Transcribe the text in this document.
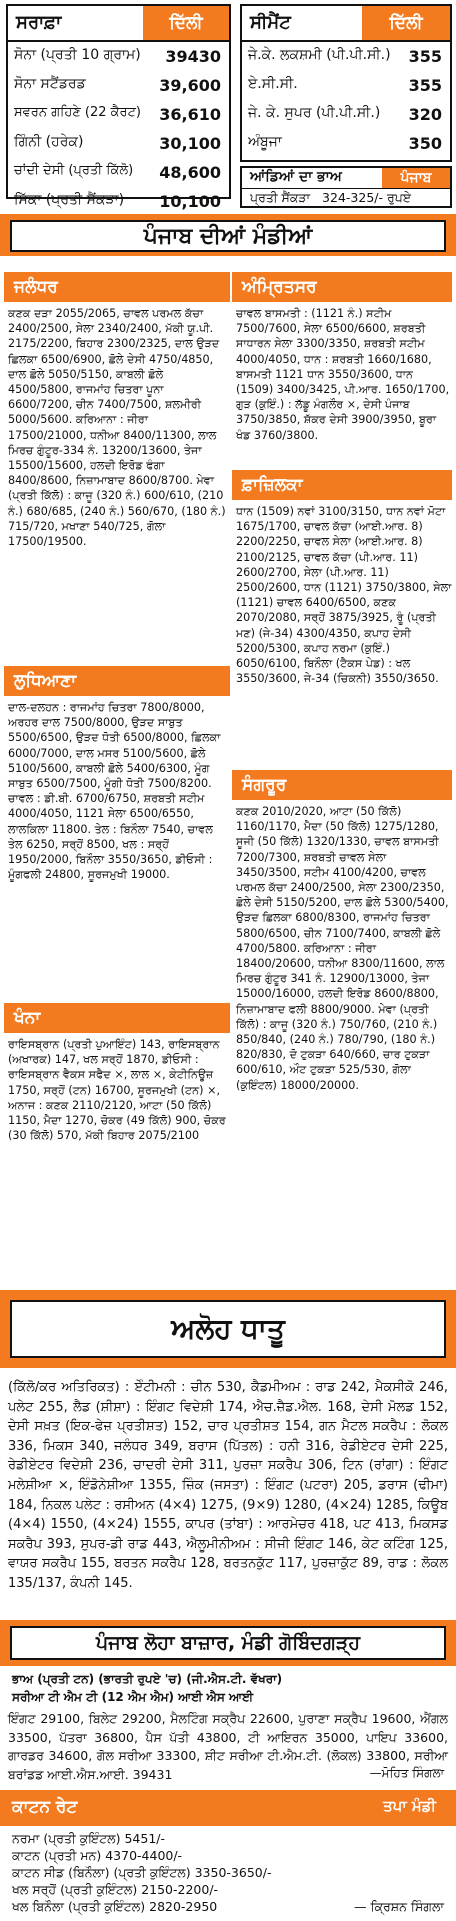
ਸਰਾਫ਼ਾ	ਦਿੱਲੀ
ਸੋਨਾ (ਪ੍ਰਤੀ 10 ਗ੍ਰਾਮ) 39430
ਸੋਨਾ ਸਟੈਂਡਰਡ	39,600
ਸਵਰਨ ਗਹਿਣੇ (22 ਕੈਰਟ) 36,610
ਗਿੰਨੀ (ਹਰੇਕ)	30,100
ਚਾਂਦੀ ਦੇਸੀ (ਪ੍ਰਤੀ ਕਿੱਲੋ) 48,600
ਸਿੱਕਾ (ਪ੍ਰਤੀ ਸੈਂਕੜਾ) 10,100
ਸੀਮੈਂਟ	ਦਿੱਲੀ
ਜੇ.ਕੇ. ਲਕਸ਼ਮੀ (ਪੀ.ਪੀ.ਸੀ.) 355
ਏ.ਸੀ.ਸੀ.	355
ਜੇ. ਕੇ. ਸੁਪਰ (ਪੀ.ਪੀ.ਸੀ.) 320
ਅੰਬੂਜਾ	350
ਆਂਡਿਆਂ ਦਾ ਭਾਅ	ਪੰਜਾਬ
ਪ੍ਰਤੀ ਸੈਂਕੜਾ   324-325/- ਰੁਪਏ
ਪੰਜਾਬ ਦੀਆਂ ਮੰਡੀਆਂ
ਜਲੰਧਰ
ਕਣਕ ਦੜਾ 2055/2065, ਚਾਵਲ ਪਰਮਲ ਕੱਚਾ 2400/2500, ਸੇਲਾ 2340/2400, ਮੱਕੀ ਯੂ.ਪੀ. 2175/2200, ਬਿਹਾਰ 2300/2325, ਦਾਲ ਉੜਦ ਛਿਲਕਾ 6500/6900, ਛੋਲੇ ਦੇਸੀ 4750/4850, ਦਾਲ ਛੋਲੇ 5050/5150, ਕਾਬਲੀ ਛੋਲੇ 4500/5800, ਰਾਜਮਾਂਹ ਚਿਤਰਾ ਪੂਨਾ 6600/7200, ਚੀਨ 7400/7500, ਸ਼ਲਮੀਰੀ 5000/5600. ਕਰਿਆਨਾ : ਜੀਰਾ 17500/21000, ਧਨੀਆ 8400/11300, ਲਾਲ ਮਿਰਚ ਗੁੰਟੂਰ-334 ਨੰ. 13200/13600, ਤੇਜਾ 15500/15600, ਹਲਦੀ ਇਰੋਡ ਫੰਗਾ 8400/8600, ਨਿਜ਼ਾਮਾਬਾਦ 8600/8700. ਮੇਵਾ (ਪ੍ਰਤੀ ਕਿੱਲੋ) : ਕਾਜੂ (320 ਨੰ.) 600/610, (210 ਨੰ.) 680/685, (240 ਨੰ.) 560/670, (180 ਨੰ.) 715/720, ਮਖਾਣਾ 540/725, ਗੋਲਾ 17500/19500.
ਲੁਧਿਆਣਾ
ਦਾਲ-ਦਲਹਨ : ਰਾਜਮਾਂਹ ਚਿਤਰਾ 7800/8000, ਅਰਹਰ ਦਾਲ 7500/8000, ਉੜਦ ਸਾਬੁਤ 5500/6500, ਉੜਦ ਧੋਤੀ 6500/8000, ਛਿਲਕਾ 6000/7000, ਦਾਲ ਮਸਰ 5100/5600, ਛੋਲੇ 5100/5600, ਕਾਬਲੀ ਛੋਲੇ 5400/6300, ਮੂੰਗ ਸਾਬੁਤ 6500/7500, ਮੂੰਗੀ ਧੋਤੀ 7500/8200. ਚਾਵਲ : ਡੀ.ਬੀ. 6700/6750, ਸ਼ਰਬਤੀ ਸਟੀਮ 4000/4050, 1121 ਸੇਲਾ 6500/6550, ਲਾਲਕਿਲਾ 11800. ਤੇਲ : ਬਿਨੌਲਾ 7540, ਚਾਵਲ ਤੇਲ 6250, ਸਰ੍ਹੋਂ 8500, ਖਲ : ਸਰ੍ਹੋਂ 1950/2000, ਬਿਨੌਲਾ 3550/3650, ਡੀਓਸੀ : ਮੂੰਗਫਲੀ 24800, ਸੂਰਜਮੁਖੀ 19000.
ਖੰਨਾ
ਰਾਇਸਬ੍ਰਾਨ (ਪ੍ਰਤੀ ਪੁਆਇੰਟ) 143, ਰਾਇਸਬ੍ਰਾਨ (ਅਖਾਰਕ) 147, ਖਲ ਸਰ੍ਹੋਂ 1870, ਡੀਓਸੀ : ਰਾਇਸਬ੍ਰਾਨ ਵੈਕਸ ਸਫੈਦ ×, ਲਾਲ ×, ਕੇਟੀਨਿਊਜ਼ 1750, ਸਰ੍ਹੋਂ (ਟਨ) 16700, ਸੂਰਜਮੁਖੀ (ਟਨ) ×, ਅਨਾਜ : ਕਣਕ 2110/2120, ਆਟਾ (50 ਕਿੱਲੋ) 1150, ਮੈਦਾ 1270, ਚੋਕਰ (49 ਕਿੱਲੋ) 900, ਚੋਕਰ (30 ਕਿੱਲੋ) 570, ਮੱਕੀ ਬਿਹਾਰ 2075/2100
ਅੰਮ੍ਰਿਤਸਰ
ਚਾਵਲ ਬਾਸਮਤੀ : (1121 ਨੰ.) ਸਟੀਮ 7500/7600, ਸੇਲਾ 6500/6600, ਸ਼ਰਬਤੀ ਸਾਧਾਰਨ ਸੇਲਾ 3300/3350, ਸ਼ਰਬਤੀ ਸਟੀਮ 4000/4050, ਧਾਨ : ਸ਼ਰਬਤੀ 1660/1680, ਬਾਸਮਤੀ 1121 ਧਾਨ 3550/3600, ਧਾਨ (1509) 3400/3425, ਪੀ.ਆਰ. 1650/1700, ਗੁੜ (ਕੁਇੰ.) : ਲੱਡੂ ਮੰਗਲੌਰ ×, ਦੇਸੀ ਪੰਜਾਬ 3750/3850, ਸ਼ੱਕਰ ਦੇਸੀ 3900/3950, ਬੂਰਾ ਖੰਡ 3760/3800.
ਫ਼ਾਜ਼ਿਲਕਾ
ਧਾਨ (1509) ਨਵਾਂ 3100/3150, ਧਾਨ ਨਵਾਂ ਮੋਟਾ 1675/1700, ਚਾਵਲ ਕੱਚਾ (ਆਈ.ਆਰ. 8) 2200/2250, ਚਾਵਲ ਸੇਲਾ (ਆਈ.ਆਰ. 8) 2100/2125, ਚਾਵਲ ਕੱਚਾ (ਪੀ.ਆਰ. 11) 2600/2700, ਸੇਲਾ (ਪੀ.ਆਰ. 11) 2500/2600, ਧਾਨ (1121) 3750/3800, ਸੇਲਾ (1121) ਚਾਵਲ 6400/6500, ਕਣਕ 2070/2080, ਸਰ੍ਹੋਂ 3875/3925, ਰੂੰ (ਪ੍ਰਤੀ ਮਣ) (ਜੇ-34) 4300/4350, ਕਪਾਹ ਦੇਸੀ 5200/5300, ਕਪਾਹ ਨਰਮਾ (ਕੁਇੰ.) 6050/6100, ਬਿਨੌਲਾ (ਟੈਕਸ ਪੇਡ) : ਖਲ 3550/3600, ਜੇ-34 (ਚਿਕਨੀ) 3550/3650.
ਸੰਗਰੂਰ
ਕਣਕ 2010/2020, ਆਟਾ (50 ਕਿੱਲੋ) 1160/1170, ਮੈਦਾ (50 ਕਿੱਲੋ) 1275/1280, ਸੂਜੀ (50 ਕਿੱਲੋ) 1320/1330, ਚਾਵਲ ਬਾਸਮਤੀ 7200/7300, ਸ਼ਰਬਤੀ ਚਾਵਲ ਸੇਲਾ 3450/3500, ਸਟੀਮ 4100/4200, ਚਾਵਲ ਪਰਮਲ ਕੱਚਾ 2400/2500, ਸੇਲਾ 2300/2350, ਛੋਲੇ ਦੇਸੀ 5150/5200, ਦਾਲ ਛੋਲੇ 5300/5400, ਉੜਦ ਛਿਲਕਾ 6800/8300, ਰਾਜਮਾਂਹ ਚਿਤਰਾ 5800/6500, ਚੀਨ 7100/7400, ਕਾਬਲੀ ਛੋਲੇ 4700/5800. ਕਰਿਆਨਾ : ਜੀਰਾ 18400/20600, ਧਨੀਆ 8300/11600, ਲਾਲ ਮਿਰਚ ਗੁੰਟੂਰ 341 ਨੰ. 12900/13000, ਤੇਜਾ 15000/16000, ਹਲਦੀ ਇਰੋਡ 8600/8800, ਨਿਜ਼ਾਮਾਬਾਦ ਫਲੀ 8800/9000. ਮੇਵਾ (ਪ੍ਰਤੀ ਕਿੱਲੋ) : ਕਾਜੂ (320 ਨੰ.) 750/760, (210 ਨੰ.) 850/840, (240 ਨੰ.) 780/790, (180 ਨੰ.) 820/830, ਦੋ ਟੁਕੜਾ 640/660, ਚਾਰ ਟੁਕੜਾ 600/610, ਔਟ ਟੁਕੜਾ 525/530, ਗੋਲਾ (ਕੁਇੰਟਲ) 18000/20000.
ਅਲੋਹ ਧਾਤੂ
(ਕਿੱਲੋ/ਕਰ ਅਤਿਰਿਕਤ) : ਏੰਟੀਮਨੀ : ਚੀਨ 530, ਕੈਡਮੀਅਮ : ਰਾਡ 242, ਮੈਕਸੀਕੋ 246, ਪਲੇਟ 255, ਲੈਡ (ਸ਼ੀਸ਼ਾ) : ਇੰਗਟ ਵਿਦੇਸ਼ੀ 174, ਐਚ.ਜ਼ੈਡ.ਐਲ. 168, ਦੇਸੀ ਮੋਲਡ 152, ਦੇਸੀ ਸਖ਼ਤ (ਇਕ-ਫੇਜ਼ ਪ੍ਰਤੀਸ਼ਤ) 152, ਚਾਰ ਪ੍ਰਤੀਸ਼ਤ 154, ਗਨ ਮੈਟਲ ਸਕਰੈਪ : ਲੋਕਲ 336, ਮਿਕਸ 340, ਜਲੰਧਰ 349, ਬਰਾਸ (ਪਿੱਤਲ) : ਹਨੀ 316, ਰੇਡੀਏਟਰ ਦੇਸੀ 225, ਰੇਡੀਏਟਰ ਵਿਦੇਸ਼ੀ 236, ਚਾਦਰੀ ਦੇਸੀ 311, ਪੁਰਜ਼ਾ ਸਕਰੈਪ 306, ਟਿਨ (ਰਾਂਗਾ) : ਇੰਗਟ ਮਲੇਸ਼ੀਆ ×, ਇੰਡੋਨੇਸ਼ੀਆ 1355, ਜ਼ਿੰਕ (ਜਸਤਾ) : ਇੰਗਟ (ਪਟਰਾ) 205, ਡਰਾਸ (ਢੀਮਾ) 184, ਨਿਕਲ ਪਲੇਟ : ਰਸੀਅਨ (4×4) 1275, (9×9) 1280, (4×24) 1285, ਕਿਊਬ (4×4) 1550, (4×24) 1555, ਕਾਪਰ (ਤਾਂਬਾ) : ਆਰਮੇਚਰ 418, ਪਟ 413, ਮਿਕਸਡ ਸਕਰੈਪ 393, ਸੁਪਰ-ਡੀ ਰਾਡ 443, ਐਲੂਮੀਨੀਅਮ : ਸੀਜੀ ਇੰਗਟ 146, ਕੇਟ ਕਟਿੰਗ 125, ਵਾਯਰ ਸਕਰੈਪ 155, ਬਰਤਨ ਸਕਰੈਪ 128, ਬਰਤਨਕੁੱਟ 117, ਪੁਰਜ਼ਾਕੁੱਟ 89, ਰਾਡ : ਲੋਕਲ 135/137, ਕੰਪਨੀ 145.
ਪੰਜਾਬ ਲੋਹਾ ਬਾਜ਼ਾਰ, ਮੰਡੀ ਗੋਬਿੰਦਗੜ੍ਹ
ਭਾਅ (ਪ੍ਰਤੀ ਟਨ) (ਭਾਰਤੀ ਰੁਪਏ 'ਚ) (ਜੀ.ਐਸ.ਟੀ. ਵੱਖਰਾ)
ਸਰੀਆ ਟੀ ਐਮ ਟੀ (12 ਐਮ ਐਮ) ਆਈ ਐਸ ਆਈ
ਇੰਗਟ 29100, ਬਿਲੇਟ 29200, ਮੈਲਟਿੰਗ ਸਕ੍ਰੈਪ 22600, ਪੁਰਾਣਾ ਸਕ੍ਰੈਪ 19600, ਐਂਗਲ 33500, ਪੱਤਰਾ 36800, ਪੈਸ ਪੱਤੀ 43800, ਟੀ ਆਇਰਨ 35000, ਪਾਇਪ 33600, ਗਾਰਡਰ 34600, ਗੋਲ ਸਰੀਆ 33300, ਸ਼ੀਟ ਸਰੀਆ ਟੀ.ਐਮ.ਟੀ. (ਲੋਕਲ) 33800, ਸਰੀਆ ਬਰਾਂਡਡ ਆਈ.ਐਸ.ਆਈ. 39431	—ਮੋਹਿਤ ਸਿੰਗਲਾ
ਕਾਟਨ ਰੇਟ	ਤਪਾ ਮੰਡੀ
ਨਰਮਾ (ਪ੍ਰਤੀ ਕੁਇੰਟਲ) 5451/-
ਕਾਟਨ (ਪ੍ਰਤੀ ਮਨ) 4370-4400/-
ਕਾਟਨ ਸੀਡ (ਬਿਨੌਲਾ) (ਪ੍ਰਤੀ ਕੁਇੰਟਲ) 3350-3650/-
ਖਲ ਸਰ੍ਹੋਂ (ਪ੍ਰਤੀ ਕੁਇੰਟਲ) 2150-2200/-
ਖਲ ਬਿਨੌਲਾ (ਪ੍ਰਤੀ ਕੁਇੰਟਲ) 2820-2950	— ਕ੍ਰਿਸ਼ਨ ਸਿੰਗਲਾ
